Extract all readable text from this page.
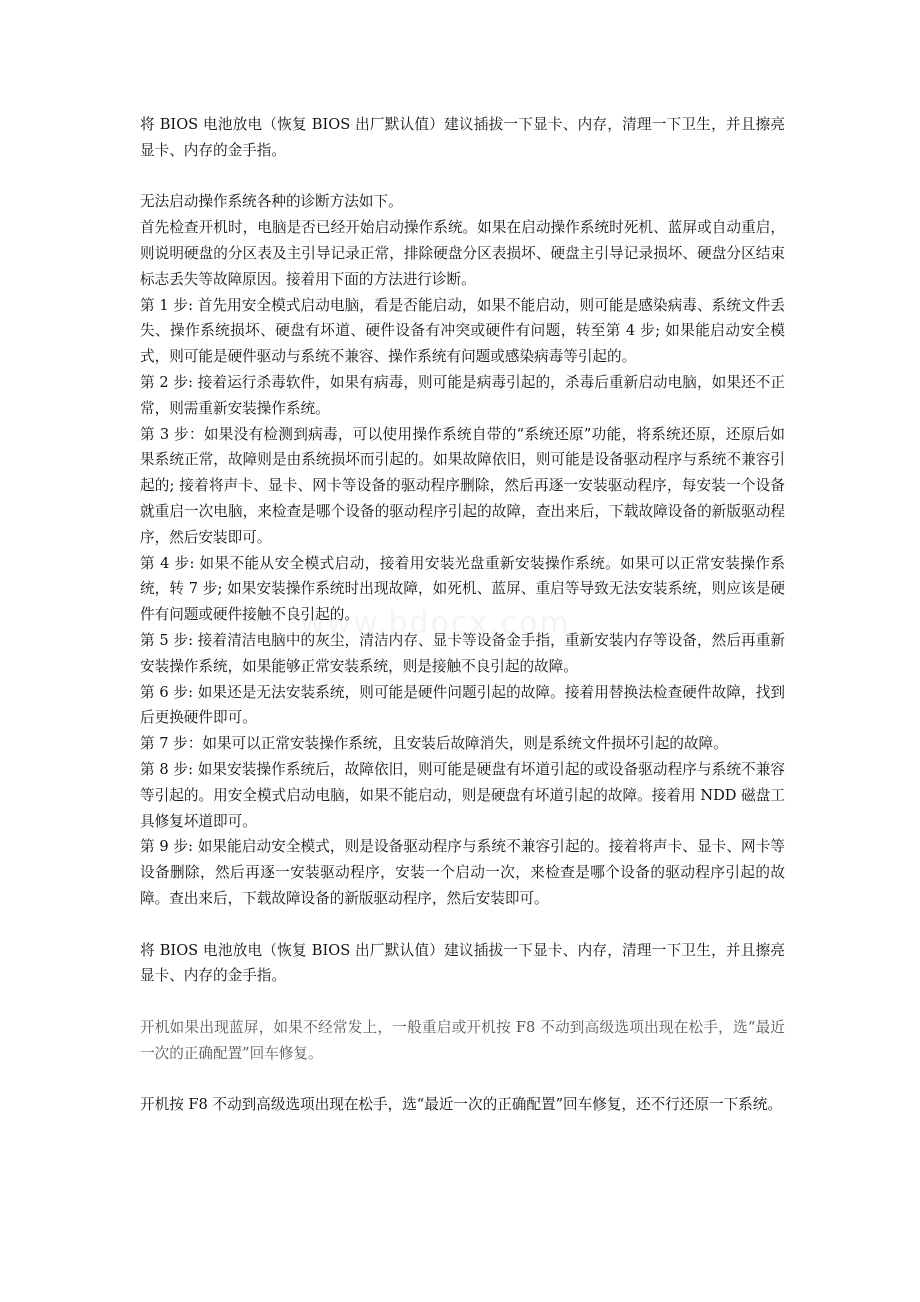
将 BIOS 电池放电（恢复 BIOS 出厂默认值）建议插拔一下显卡、内存，清理一下卫生，并且擦亮显卡、内存的金手指。

无法启动操作系统各种的诊断方法如下。

首先检查开机时，电脑是否已经开始启动操作系统。如果在启动操作系统时死机、蓝屏或自动重启，则说明硬盘的分区表及主引导记录正常，排除硬盘分区表损坏、硬盘主引导记录损坏、硬盘分区结束标志丢失等故障原因。接着用下面的方法进行诊断。

第 1 步: 首先用安全模式启动电脑，看是否能启动，如果不能启动，则可能是感染病毒、系统文件丢失、操作系统损坏、硬盘有坏道、硬件设备有冲突或硬件有问题，转至第 4 步; 如果能启动安全模式，则可能是硬件驱动与系统不兼容、操作系统有问题或感染病毒等引起的。

第 2 步: 接着运行杀毒软件，如果有病毒，则可能是病毒引起的，杀毒后重新启动电脑，如果还不正常，则需重新安装操作系统。

第 3 步：如果没有检测到病毒，可以使用操作系统自带的“系统还原”功能，将系统还原，还原后如果系统正常，故障则是由系统损坏而引起的。如果故障依旧，则可能是设备驱动程序与系统不兼容引起的; 接着将声卡、显卡、网卡等设备的驱动程序删除，然后再逐一安装驱动程序，每安装一个设备就重启一次电脑，来检查是哪个设备的驱动程序引起的故障，查出来后，下载故障设备的新版驱动程序，然后安装即可。

第 4 步: 如果不能从安全模式启动，接着用安装光盘重新安装操作系统。如果可以正常安装操作系统，转 7 步; 如果安装操作系统时出现故障，如死机、蓝屏、重启等导致无法安装系统，则应该是硬件有问题或硬件接触不良引起的。

第 5 步: 接着清洁电脑中的灰尘，清洁内存、显卡等设备金手指，重新安装内存等设备，然后再重新安装操作系统，如果能够正常安装系统，则是接触不良引起的故障。

第 6 步: 如果还是无法安装系统，则可能是硬件问题引起的故障。接着用替换法检查硬件故障，找到后更换硬件即可。

第 7 步：如果可以正常安装操作系统，且安装后故障消失，则是系统文件损坏引起的故障。

第 8 步: 如果安装操作系统后，故障依旧，则可能是硬盘有坏道引起的或设备驱动程序与系统不兼容等引起的。用安全模式启动电脑，如果不能启动，则是硬盘有坏道引起的故障。接着用 NDD 磁盘工具修复坏道即可。

第 9 步: 如果能启动安全模式，则是设备驱动程序与系统不兼容引起的。接着将声卡、显卡、网卡等设备删除，然后再逐一安装驱动程序，安装一个启动一次，来检查是哪个设备的驱动程序引起的故障。查出来后，下载故障设备的新版驱动程序，然后安装即可。

将 BIOS 电池放电（恢复 BIOS 出厂默认值）建议插拔一下显卡、内存，清理一下卫生，并且擦亮显卡、内存的金手指。

开机如果出现蓝屏，如果不经常发上，一般重启或开机按 F8 不动到高级选项出现在松手，选“最近一次的正确配置”回车修复。

开机按 F8 不动到高级选项出现在松手，选“最近一次的正确配置”回车修复，还不行还原一下系统。
